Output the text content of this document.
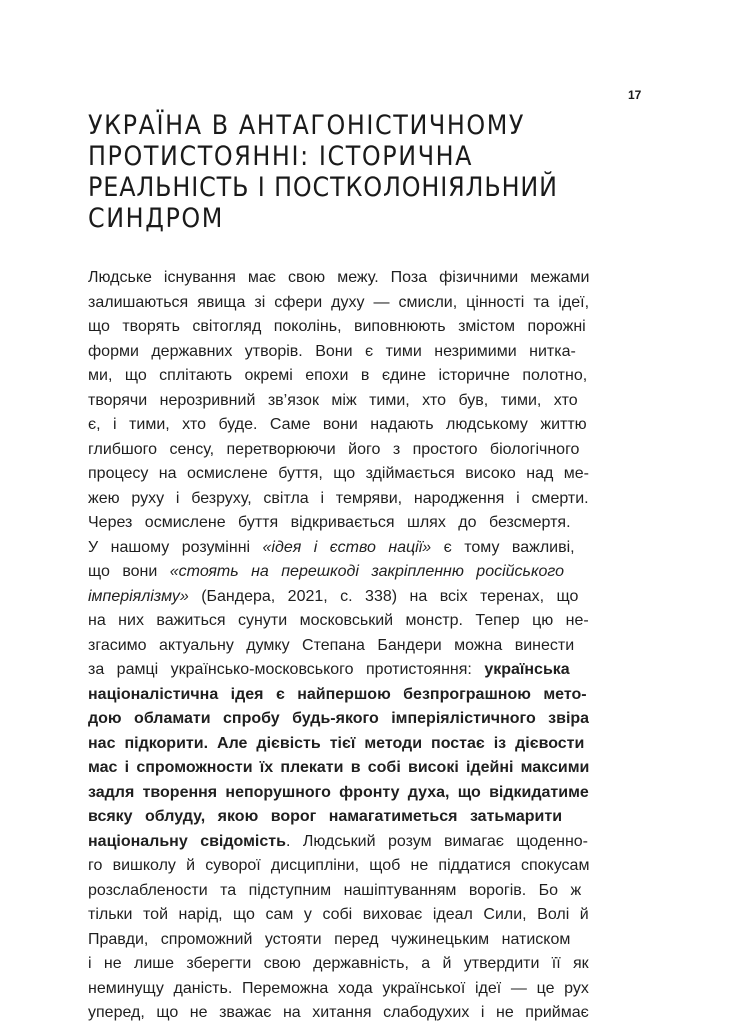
17
УКРАЇНА В АНТАГОНІСТИЧНОМУ
ПРОТИСТОЯННІ: ІСТОРИЧНА
РЕАЛЬНІСТЬ І ПОСТКОЛОНІЯЛЬНИЙ
СИНДРОМ
Людське існування має свою межу. Поза фізичними межами
залишаються явища зі сфери духу — смисли, цінності та ідеї,
що творять світогляд поколінь, виповнюють змістом порожні
форми державних утворів. Вони є тими незримими нитка-
ми, що сплітають окремі епохи в єдине історичне полотно,
творячи нерозривний зв’язок між тими, хто був, тими, хто
є, і тими, хто буде. Саме вони надають людському життю
глибшого сенсу, перетворюючи його з простого біологічного
процесу на осмислене буття, що здіймається високо над ме-
жею руху і безруху, світла і темряви, народження і смерти.
Через осмислене буття відкривається шлях до безсмертя.
У нашому розумінні «ідея і єство нації» є тому важливі,
що вони «стоять на перешкоді закріпленню російського
імперіялізму» (Бандера, 2021, с. 338) на всіх теренах, що
на них важиться сунути московський монстр. Тепер цю не-
згасимо актуальну думку Степана Бандери можна винести
за рамці українсько-московського протистояння: українська
націоналістична ідея є найпершою безпрограшною мето-
дою обламати спробу будь-якого імперіялістичного звіра
нас підкорити. Але дієвість тієї методи постає із дієвости
мас і спроможности їх плекати в собі високі ідейні максими
задля творення непорушного фронту духа, що відкидатиме
всяку облуду, якою ворог намагатиметься затьмарити
національну свідомість. Людський розум вимагає щоденно-
го вишколу й суворої дисципліни, щоб не піддатися спокусам
розслаблености та підступним нашіптуванням ворогів. Бо ж
тільки той нарід, що сам у собі виховає ідеал Сили, Волі й
Правди, спроможний устояти перед чужинецьким натиском
і не лише зберегти свою державність, а й утвердити її як
неминущу даність. Переможна хода української ідеї — це рух
уперед, що не зважає на хитання слабодухих і не приймає
